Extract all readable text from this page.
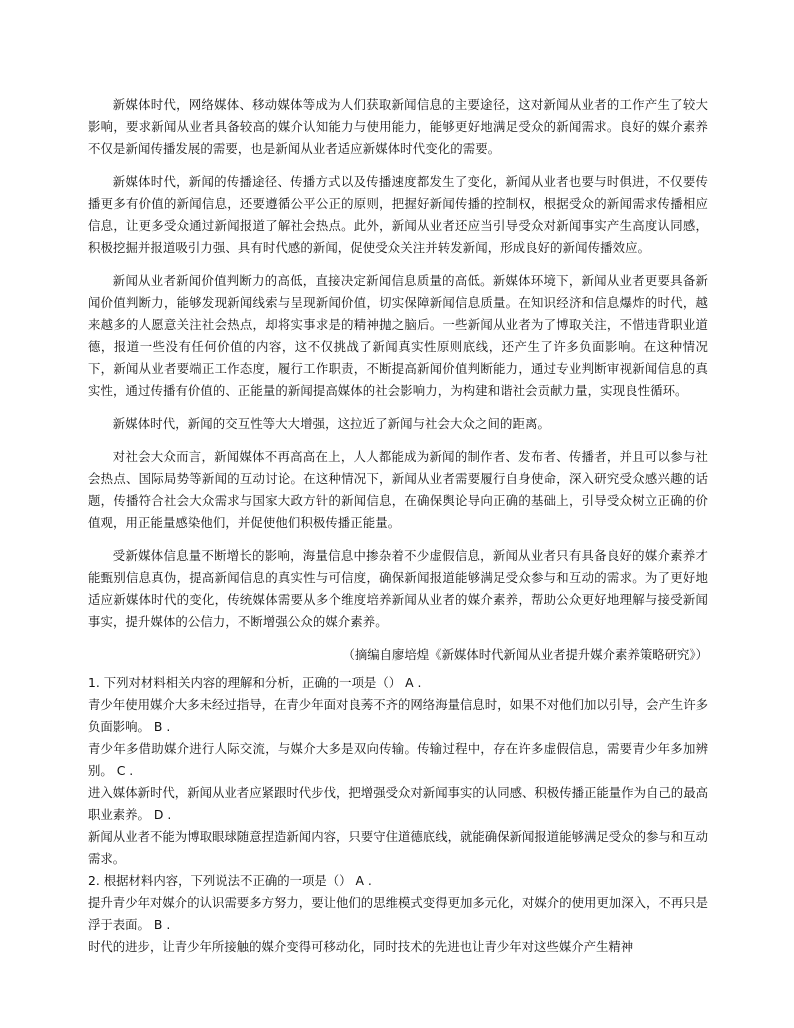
新媒体时代，网络媒体、移动媒体等成为人们获取新闻信息的主要途径，这对新闻从业者的工作产生了较大影响，要求新闻从业者具备较高的媒介认知能力与使用能力，能够更好地满足受众的新闻需求。良好的媒介素养不仅是新闻传播发展的需要，也是新闻从业者适应新媒体时代变化的需要。

新媒体时代，新闻的传播途径、传播方式以及传播速度都发生了变化，新闻从业者也要与时俱进，不仅要传播更多有价值的新闻信息，还要遵循公平公正的原则，把握好新闻传播的控制权，根据受众的新闻需求传播相应信息，让更多受众通过新闻报道了解社会热点。此外，新闻从业者还应当引导受众对新闻事实产生高度认同感，积极挖掘并报道吸引力强、具有时代感的新闻，促使受众关注并转发新闻，形成良好的新闻传播效应。

新闻从业者新闻价值判断力的高低，直接决定新闻信息质量的高低。新媒体环境下，新闻从业者更要具备新闻价值判断力，能够发现新闻线索与呈现新闻价值，切实保障新闻信息质量。在知识经济和信息爆炸的时代，越来越多的人愿意关注社会热点，却将实事求是的精神抛之脑后。一些新闻从业者为了博取关注，不惜违背职业道德，报道一些没有任何价值的内容，这不仅挑战了新闻真实性原则底线，还产生了许多负面影响。在这种情况下，新闻从业者要端正工作态度，履行工作职责，不断提高新闻价值判断能力，通过专业判断审视新闻信息的真实性，通过传播有价值的、正能量的新闻提高媒体的社会影响力，为构建和谐社会贡献力量，实现良性循环。

新媒体时代，新闻的交互性等大大增强，这拉近了新闻与社会大众之间的距离。

对社会大众而言，新闻媒体不再高高在上，人人都能成为新闻的制作者、发布者、传播者，并且可以参与社会热点、国际局势等新闻的互动讨论。在这种情况下，新闻从业者需要履行自身使命，深入研究受众感兴趣的话题，传播符合社会大众需求与国家大政方针的新闻信息，在确保舆论导向正确的基础上，引导受众树立正确的价值观，用正能量感染他们，并促使他们积极传播正能量。

受新媒体信息量不断增长的影响，海量信息中掺杂着不少虚假信息，新闻从业者只有具备良好的媒介素养才能甄别信息真伪，提高新闻信息的真实性与可信度，确保新闻报道能够满足受众参与和互动的需求。为了更好地适应新媒体时代的变化，传统媒体需要从多个维度培养新闻从业者的媒介素养，帮助公众更好地理解与接受新闻事实，提升媒体的公信力，不断增强公众的媒介素养。

（摘编自廖培煌《新媒体时代新闻从业者提升媒介素养策略研究》）

1. 下列对材料相关内容的理解和分析，正确的一项是（） A .

青少年使用媒介大多未经过指导，在青少年面对良莠不齐的网络海量信息时，如果不对他们加以引导，会产生许多负面影响。 B .

青少年多借助媒介进行人际交流，与媒介大多是双向传输。传输过程中，存在许多虚假信息，需要青少年多加辨别。 C .

进入媒体新时代，新闻从业者应紧跟时代步伐，把增强受众对新闻事实的认同感、积极传播正能量作为自己的最高职业素养。 D .

新闻从业者不能为博取眼球随意捏造新闻内容，只要守住道德底线，就能确保新闻报道能够满足受众的参与和互动需求。

2. 根据材料内容，下列说法不正确的一项是（） A .

提升青少年对媒介的认识需要多方努力，要让他们的思维模式变得更加多元化，对媒介的使用更加深入，不再只是浮于表面。 B .

时代的进步，让青少年所接触的媒介变得可移动化，同时技术的先进也让青少年对这些媒介产生精神
